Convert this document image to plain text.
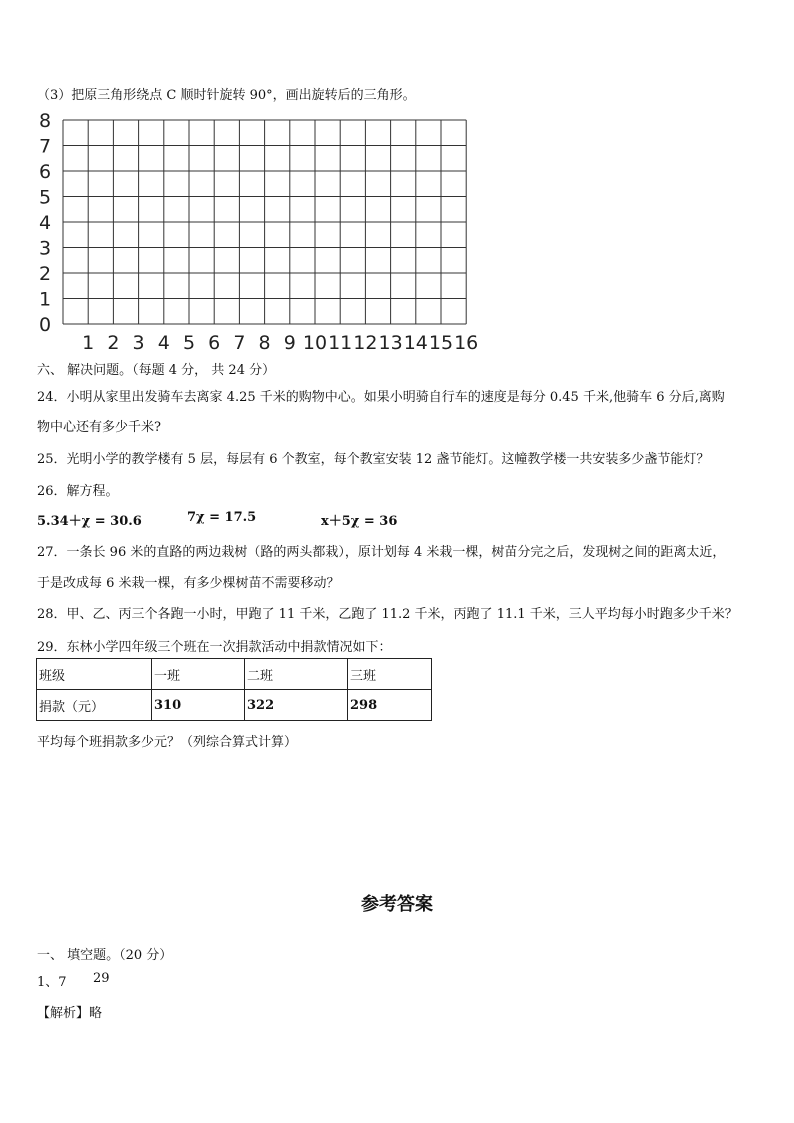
（3）把原三角形绕点 C 顺时针旋转 90°，画出旋转后的三角形。
0
1
2
3
4
5
6
7
8
1 2 3 4 5 6 7 8 9 10 11 12 13 14 15 16
六、 解决问题。（每题 4 分， 共 24 分）
24．小明从家里出发骑车去离家 4.25 千米的购物中心。如果小明骑自行车的速度是每分 0.45 千米,他骑车 6 分后,离购
物中心还有多少千米?
25．光明小学的教学楼有 5 层，每层有 6 个教室，每个教室安装 12 盏节能灯。这幢教学楼一共安装多少盏节能灯？
26．解方程。
5.34＋χ = 30.6	7χ = 17.5	x＋5χ = 36
27．一条长 96 米的直路的两边栽树（路的两头都栽），原计划每 4 米栽一棵，树苗分完之后，发现树之间的距离太近，
于是改成每 6 米栽一棵，有多少棵树苗不需要移动？
28．甲、乙、丙三个各跑一小时，甲跑了 11 千米，乙跑了 11.2 千米，丙跑了 11.1 千米，三人平均每小时跑多少千米？
29．东林小学四年级三个班在一次捐款活动中捐款情况如下：
班级	一班	二班	三班
捐款（元）	310	322	298
平均每个班捐款多少元？（列综合算式计算）
参考答案
一、 填空题。（20 分）
1、7 29
【解析】略
